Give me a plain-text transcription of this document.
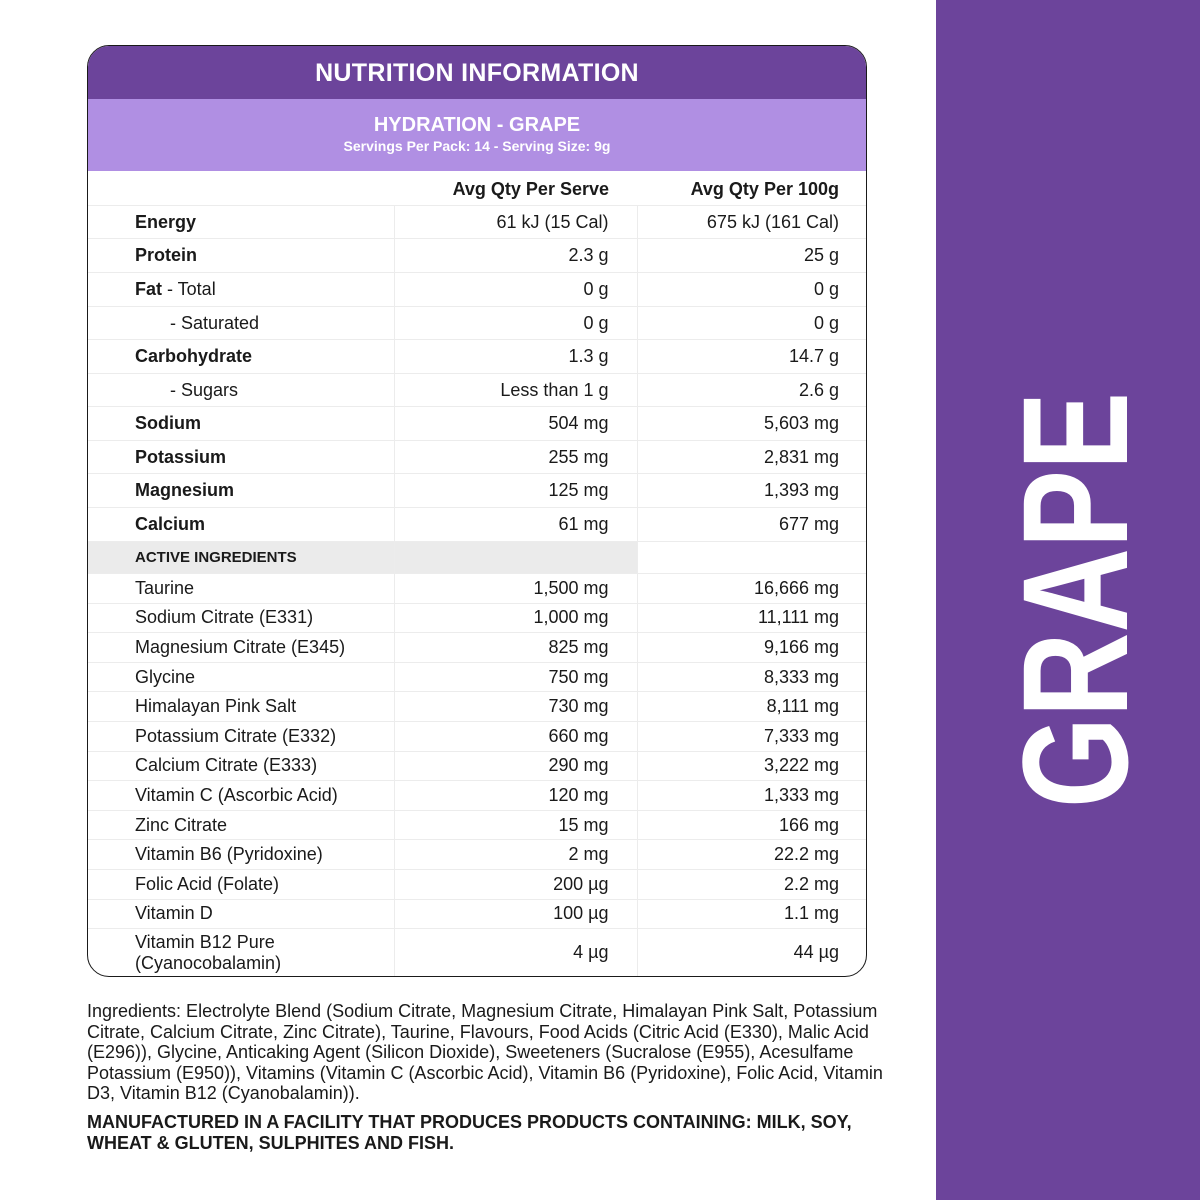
GRAPE
NUTRITION INFORMATION
HYDRATION - GRAPE
Servings Per Pack: 14 - Serving Size: 9g
	Avg Qty Per Serve	Avg Qty Per 100g
Energy	61 kJ (15 Cal)	675 kJ (161 Cal)
Protein	2.3 g	25 g
Fat - Total	0 g	0 g
- Saturated	0 g	0 g
Carbohydrate	1.3 g	14.7 g
- Sugars	Less than 1 g	2.6 g
Sodium	504 mg	5,603 mg
Potassium	255 mg	2,831 mg
Magnesium	125 mg	1,393 mg
Calcium	61 mg	677 mg
ACTIVE INGREDIENTS		
Taurine	1,500 mg	16,666 mg
Sodium Citrate (E331)	1,000 mg	11,111 mg
Magnesium Citrate (E345)	825 mg	9,166 mg
Glycine	750 mg	8,333 mg
Himalayan Pink Salt	730 mg	8,111 mg
Potassium Citrate (E332)	660 mg	7,333 mg
Calcium Citrate (E333)	290 mg	3,222 mg
Vitamin C (Ascorbic Acid)	120 mg	1,333 mg
Zinc Citrate	15 mg	166 mg
Vitamin B6 (Pyridoxine)	2 mg	22.2 mg
Folic Acid (Folate)	200 µg	2.2 mg
Vitamin D	100 µg	1.1 mg
Vitamin B12 Pure (Cyanocobalamin)	4 µg	44 µg
Ingredients: Electrolyte Blend (Sodium Citrate, Magnesium Citrate, Himalayan Pink Salt, Potassium Citrate, Calcium Citrate, Zinc Citrate), Taurine, Flavours, Food Acids (Citric Acid (E330), Malic Acid (E296)), Glycine, Anticaking Agent (Silicon Dioxide), Sweeteners (Sucralose (E955), Acesulfame Potassium (E950)), Vitamins (Vitamin C (Ascorbic Acid), Vitamin B6 (Pyridoxine), Folic Acid, Vitamin D3, Vitamin B12 (Cyanobalamin)).
MANUFACTURED IN A FACILITY THAT PRODUCES PRODUCTS CONTAINING: MILK, SOY, WHEAT & GLUTEN, SULPHITES AND FISH.
